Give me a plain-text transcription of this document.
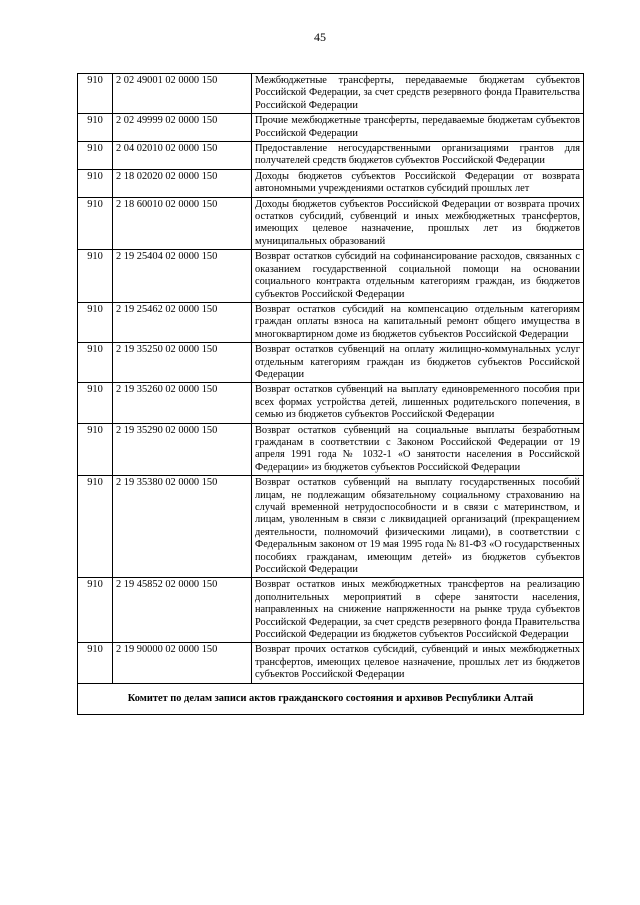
45
910	2 02 49001 02 0000 150	Межбюджетные трансферты, передаваемые бюджетам субъектов Российской Федерации, за счет средств резервного фонда Правительства Российской Федерации
910	2 02 49999 02 0000 150	Прочие межбюджетные трансферты, передаваемые бюджетам субъектов Российской Федерации
910	2 04 02010 02 0000 150	Предоставление негосударственными организациями грантов для получателей средств бюджетов субъектов Российской Федерации
910	2 18 02020 02 0000 150	Доходы бюджетов субъектов Российской Федерации от возврата автономными учреждениями остатков субсидий прошлых лет
910	2 18 60010 02 0000 150	Доходы бюджетов субъектов Российской Федерации от возврата прочих остатков субсидий, субвенций и иных межбюджетных трансфертов, имеющих целевое назначение, прошлых лет из бюджетов муниципальных образований
910	2 19 25404 02 0000 150	Возврат остатков субсидий на софинансирование расходов, связанных с оказанием государственной социальной помощи на основании социального контракта отдельным категориям граждан, из бюджетов субъектов Российской Федерации
910	2 19 25462 02 0000 150	Возврат остатков субсидий на компенсацию отдельным категориям граждан оплаты взноса на капитальный ремонт общего имущества в многоквартирном доме из бюджетов субъектов Российской Федерации
910	2 19 35250 02 0000 150	Возврат остатков субвенций на оплату жилищно-коммунальных услуг отдельным категориям граждан из бюджетов субъектов Российской Федерации
910	2 19 35260 02 0000 150	Возврат остатков субвенций на выплату единовременного пособия при всех формах устройства детей, лишенных родительского попечения, в семью из бюджетов субъектов Российской Федерации
910	2 19 35290 02 0000 150	Возврат остатков субвенций на социальные выплаты безработным гражданам в соответствии с Законом Российской Федерации от 19 апреля 1991 года № 1032-1 «О занятости населения в Российской Федерации» из бюджетов субъектов Российской Федерации
910	2 19 35380 02 0000 150	Возврат остатков субвенций на выплату государственных пособий лицам, не подлежащим обязательному социальному страхованию на случай временной нетрудоспособности и в связи с материнством, и лицам, уволенным в связи с ликвидацией организаций (прекращением деятельности, полномочий физическими лицами), в соответствии с Федеральным законом от 19 мая 1995 года № 81-ФЗ «О государственных пособиях гражданам, имеющим детей» из бюджетов субъектов Российской Федерации
910	2 19 45852 02 0000 150	Возврат остатков иных межбюджетных трансфертов на реализацию дополнительных мероприятий в сфере занятости населения, направленных на снижение напряженности на рынке труда субъектов Российской Федерации, за счет средств резервного фонда Правительства Российской Федерации из бюджетов субъектов Российской Федерации
910	2 19 90000 02 0000 150	Возврат прочих остатков субсидий, субвенций и иных межбюджетных трансфертов, имеющих целевое назначение, прошлых лет из бюджетов субъектов Российской Федерации
Комитет по делам записи актов гражданского состояния и архивов Республики Алтай		
